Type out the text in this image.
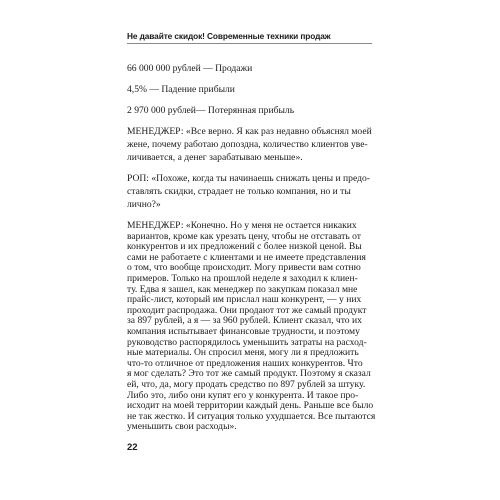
Не давайте скидок! Современные техники продаж
66 000 000 рублей — Продажи
4,5% — Падение прибыли
2 970 000 рублей— Потерянная прибыль
МЕНЕДЖЕР: «Все верно. Я как раз недавно объяснял моей
жене, почему работаю допоздна, количество клиентов уве-
личивается, а денег зарабатываю меньше».
РОП: «Похоже, когда ты начинаешь снижать цены и предо-
ставлять скидки, страдает не только компания, но и ты
лично?»
МЕНЕДЖЕР: «Конечно. Но у меня не остается никаких
вариантов, кроме как урезать цену, чтобы не отставать от
конкурентов и их предложений с более низкой ценой. Вы
сами не работаете с клиентами и не имеете представления
о том, что вообще происходит. Могу привести вам сотню
примеров. Только на прошлой неделе я заходил к клиен-
ту. Едва я зашел, как менеджер по закупкам показал мне
прайс-лист, который им прислал наш конкурент, — у них
проходит распродажа. Они продают тот же самый продукт
за 897 рублей, а я — за 960 рублей. Клиент сказал, что их
компания испытывает финансовые трудности, и поэтому
руководство распорядилось уменьшить затраты на расход-
ные материалы. Он спросил меня, могу ли я предложить
что-то отличное от предложения наших конкурентов. Что
я мог сделать? Это тот же самый продукт. Поэтому я сказал
ей, что, да, могу продать средство по 897 рублей за штуку.
Либо это, либо они купят его у конкурента. И такое про-
исходит на моей территории каждый день. Раньше все было
не так жестко. И ситуация только ухудшается. Все пытаются
уменьшить свои расходы».
22
